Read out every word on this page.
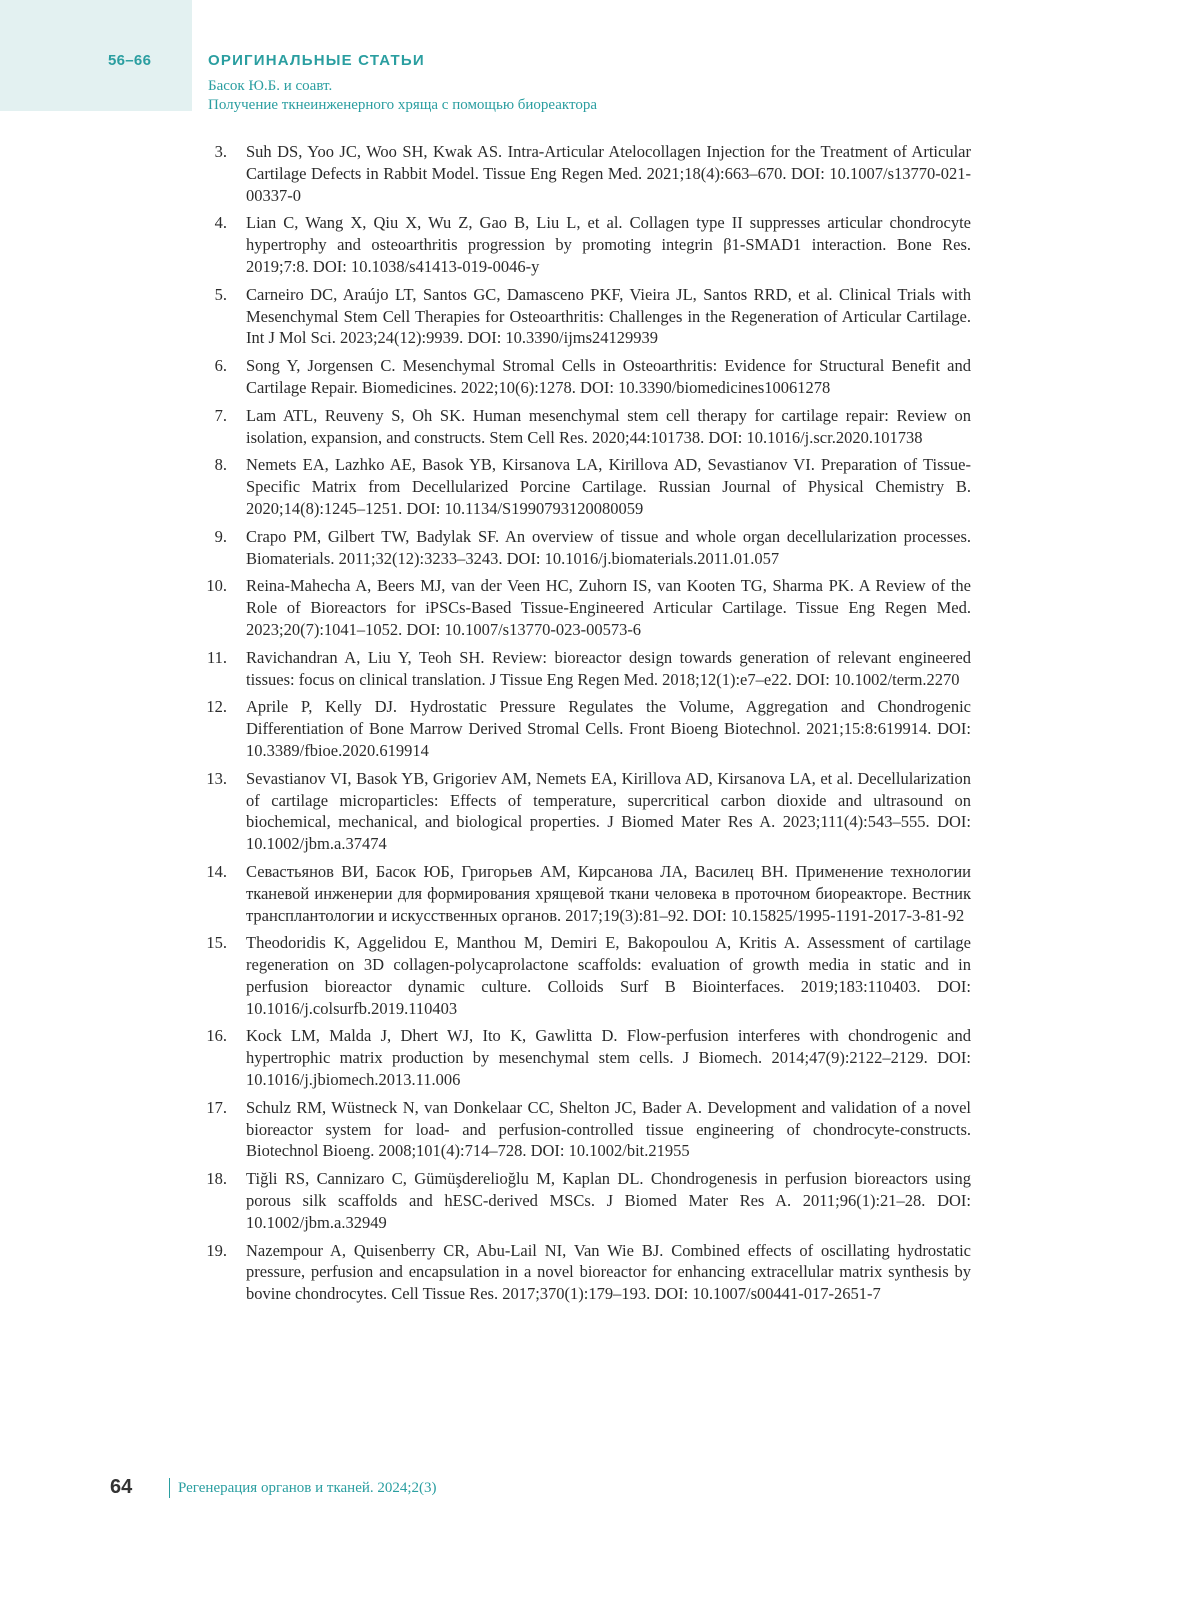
56–66	ОРИГИНАЛЬНЫЕ СТАТЬИ
Басок Ю.Б. и соавт.
Получение ткнеинженерного хряща с помощью биореактора
3. Suh DS, Yoo JC, Woo SH, Kwak AS. Intra-Articular Atelocollagen Injection for the Treatment of Articular Cartilage Defects in Rabbit Model. Tissue Eng Regen Med. 2021;18(4):663–670. DOI: 10.1007/s13770-021-00337-0
4. Lian C, Wang X, Qiu X, Wu Z, Gao B, Liu L, et al. Collagen type II suppresses articular chondrocyte hypertrophy and osteoarthritis progression by promoting integrin β1-SMAD1 interaction. Bone Res. 2019;7:8. DOI: 10.1038/s41413-019-0046-y
5. Carneiro DC, Araújo LT, Santos GC, Damasceno PKF, Vieira JL, Santos RRD, et al. Clinical Trials with Mesenchymal Stem Cell Therapies for Osteoarthritis: Challenges in the Regeneration of Articular Cartilage. Int J Mol Sci. 2023;24(12):9939. DOI: 10.3390/ijms24129939
6. Song Y, Jorgensen C. Mesenchymal Stromal Cells in Osteoarthritis: Evidence for Structural Benefit and Cartilage Repair. Biomedicines. 2022;10(6):1278. DOI: 10.3390/biomedicines10061278
7. Lam ATL, Reuveny S, Oh SK. Human mesenchymal stem cell therapy for cartilage repair: Review on isolation, expansion, and constructs. Stem Cell Res. 2020;44:101738. DOI: 10.1016/j.scr.2020.101738
8. Nemets EA, Lazhko AE, Basok YB, Kirsanova LA, Kirillova AD, Sevastianov VI. Preparation of Tissue-Specific Matrix from Decellularized Porcine Cartilage. Russian Journal of Physical Chemistry B. 2020;14(8):1245–1251. DOI: 10.1134/S1990793120080059
9. Crapo PM, Gilbert TW, Badylak SF. An overview of tissue and whole organ decellularization processes. Biomaterials. 2011;32(12):3233–3243. DOI: 10.1016/j.biomaterials.2011.01.057
10. Reina-Mahecha A, Beers MJ, van der Veen HC, Zuhorn IS, van Kooten TG, Sharma PK. A Review of the Role of Bioreactors for iPSCs-Based Tissue-Engineered Articular Cartilage. Tissue Eng Regen Med. 2023;20(7):1041–1052. DOI: 10.1007/s13770-023-00573-6
11. Ravichandran A, Liu Y, Teoh SH. Review: bioreactor design towards generation of relevant engineered tissues: focus on clinical translation. J Tissue Eng Regen Med. 2018;12(1):e7–e22. DOI: 10.1002/term.2270
12. Aprile P, Kelly DJ. Hydrostatic Pressure Regulates the Volume, Aggregation and Chondrogenic Differentiation of Bone Marrow Derived Stromal Cells. Front Bioeng Biotechnol. 2021;15:8:619914. DOI: 10.3389/fbioe.2020.619914
13. Sevastianov VI, Basok YB, Grigoriev AM, Nemets EA, Kirillova AD, Kirsanova LA, et al. Decellularization of cartilage microparticles: Effects of temperature, supercritical carbon dioxide and ultrasound on biochemical, mechanical, and biological properties. J Biomed Mater Res A. 2023;111(4):543–555. DOI: 10.1002/jbm.a.37474
14. Севастьянов ВИ, Басок ЮБ, Григорьев АМ, Кирсанова ЛА, Василец ВН. Применение технологии тканевой инженерии для формирования хрящевой ткани человека в проточном биореакторе. Вестник трансплантологии и искусственных органов. 2017;19(3):81–92. DOI: 10.15825/1995-1191-2017-3-81-92
15. Theodoridis K, Aggelidou E, Manthou M, Demiri E, Bakopoulou A, Kritis A. Assessment of cartilage regeneration on 3D collagen-polycaprolactone scaffolds: evaluation of growth media in static and in perfusion bioreactor dynamic culture. Colloids Surf B Biointerfaces. 2019;183:110403. DOI: 10.1016/j.colsurfb.2019.110403
16. Kock LM, Malda J, Dhert WJ, Ito K, Gawlitta D. Flow-perfusion interferes with chondrogenic and hypertrophic matrix production by mesenchymal stem cells. J Biomech. 2014;47(9):2122–2129. DOI: 10.1016/j.jbiomech.2013.11.006
17. Schulz RM, Wüstneck N, van Donkelaar CC, Shelton JC, Bader A. Development and validation of a novel bioreactor system for load- and perfusion-controlled tissue engineering of chondrocyte-constructs. Biotechnol Bioeng. 2008;101(4):714–728. DOI: 10.1002/bit.21955
18. Tiğli RS, Cannizaro C, Gümüşderelioğlu M, Kaplan DL. Chondrogenesis in perfusion bioreactors using porous silk scaffolds and hESC-derived MSCs. J Biomed Mater Res A. 2011;96(1):21–28. DOI: 10.1002/jbm.a.32949
19. Nazempour A, Quisenberry CR, Abu-Lail NI, Van Wie BJ. Combined effects of oscillating hydrostatic pressure, perfusion and encapsulation in a novel bioreactor for enhancing extracellular matrix synthesis by bovine chondrocytes. Cell Tissue Res. 2017;370(1):179–193. DOI: 10.1007/s00441-017-2651-7
64	Регенерация органов и тканей. 2024;2(3)
